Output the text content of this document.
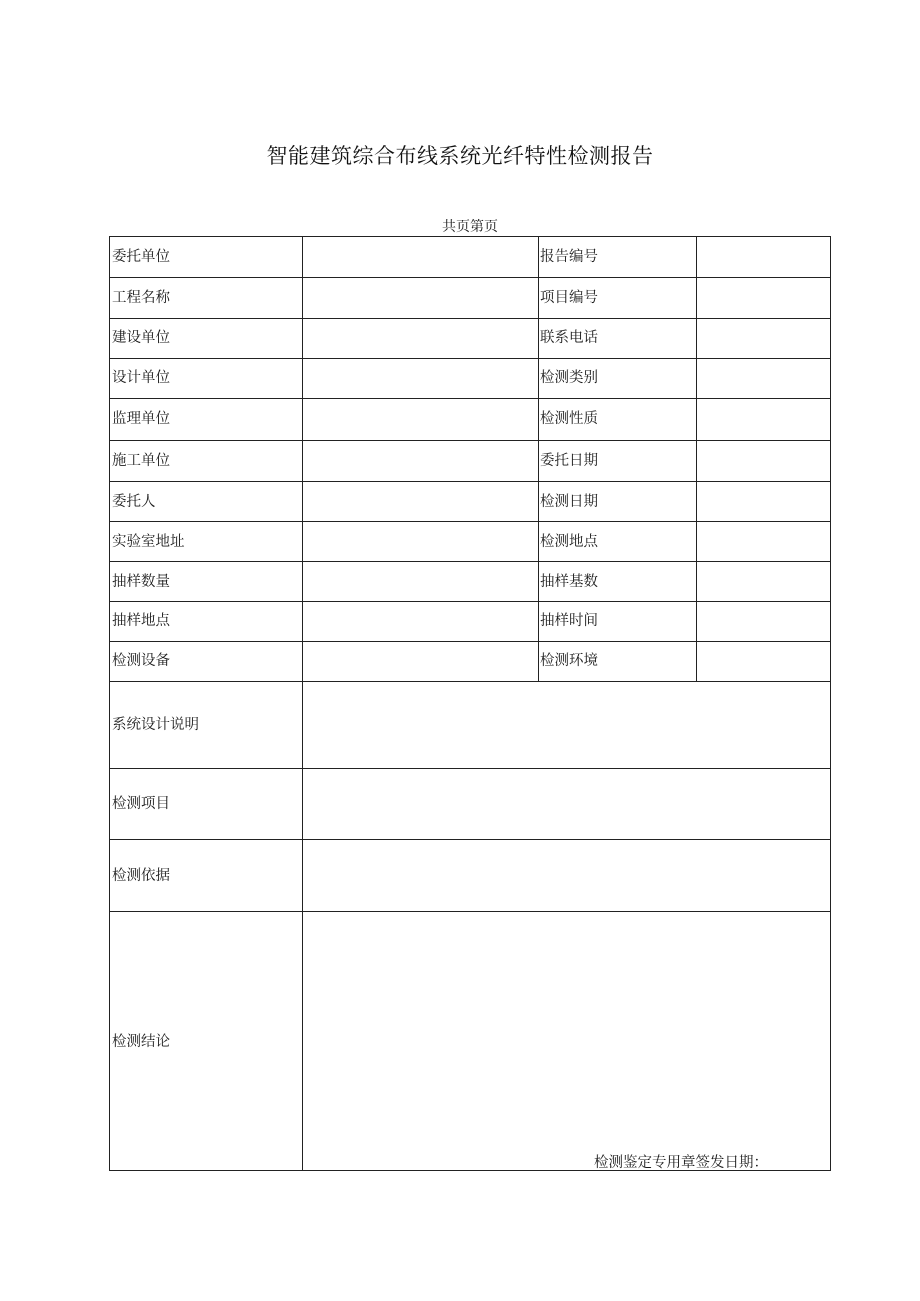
智能建筑综合布线系统光纤特性检测报告
共页第页
委托单位
工程名称
建设单位
设计单位
监理单位
施工单位
委托人
实验室地址
抽样数量
抽样地点
检测设备
报告编号
项目编号
联系电话
检测类别
检测性质
委托日期
检测日期
检测地点
抽样基数
抽样时间
检测环境
系统设计说明
检测项目
检测依据
检测结论
检测鉴定专用章签发日期：
